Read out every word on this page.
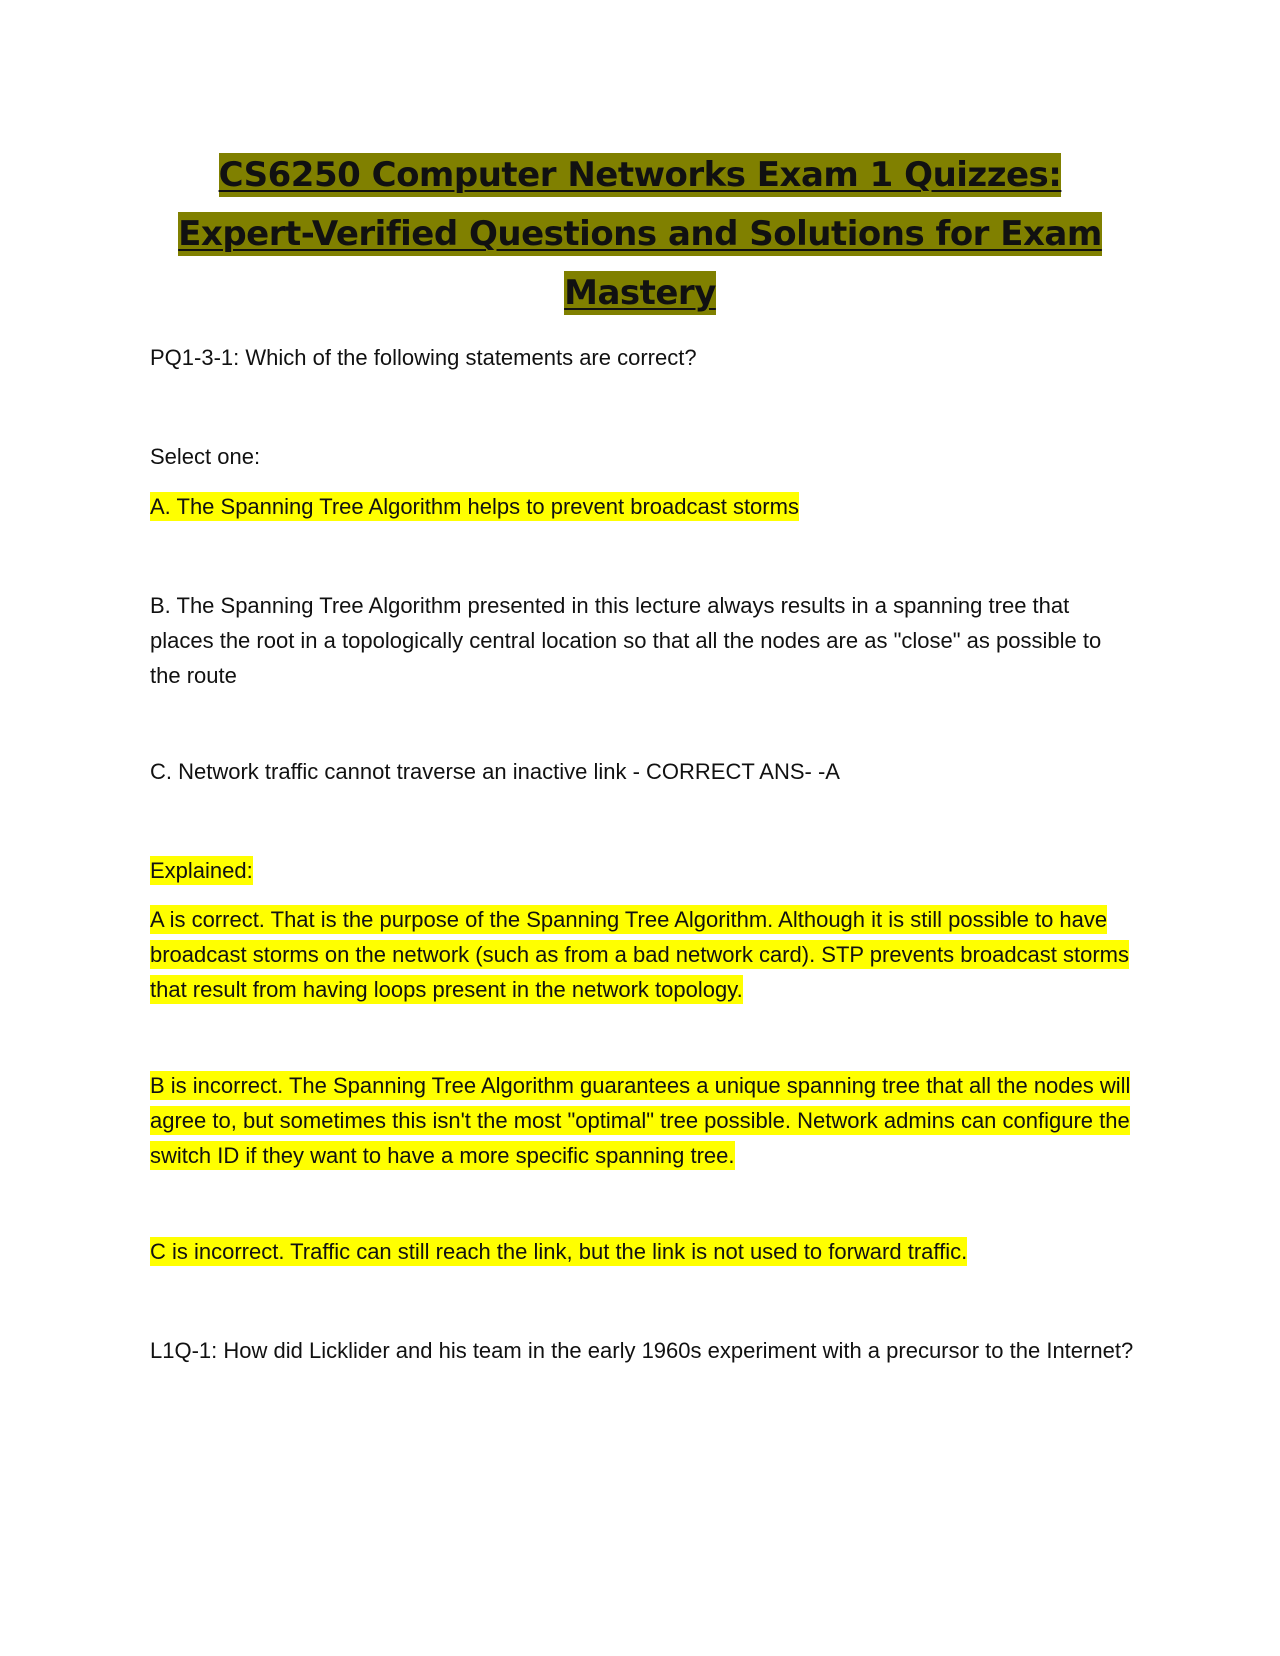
CS6250 Computer Networks Exam 1 Quizzes: Expert-Verified Questions and Solutions for Exam Mastery

PQ1-3-1: Which of the following statements are correct?

Select one:

A. The Spanning Tree Algorithm helps to prevent broadcast storms

B. The Spanning Tree Algorithm presented in this lecture always results in a spanning tree that places the root in a topologically central location so that all the nodes are as "close" as possible to the route

C. Network traffic cannot traverse an inactive link - CORRECT ANS- -A

Explained:

A is correct. That is the purpose of the Spanning Tree Algorithm. Although it is still possible to have broadcast storms on the network (such as from a bad network card). STP prevents broadcast storms that result from having loops present in the network topology.

B is incorrect. The Spanning Tree Algorithm guarantees a unique spanning tree that all the nodes will agree to, but sometimes this isn't the most "optimal" tree possible. Network admins can configure the switch ID if they want to have a more specific spanning tree.

C is incorrect. Traffic can still reach the link, but the link is not used to forward traffic.

L1Q-1: How did Licklider and his team in the early 1960s experiment with a precursor to the Internet?
